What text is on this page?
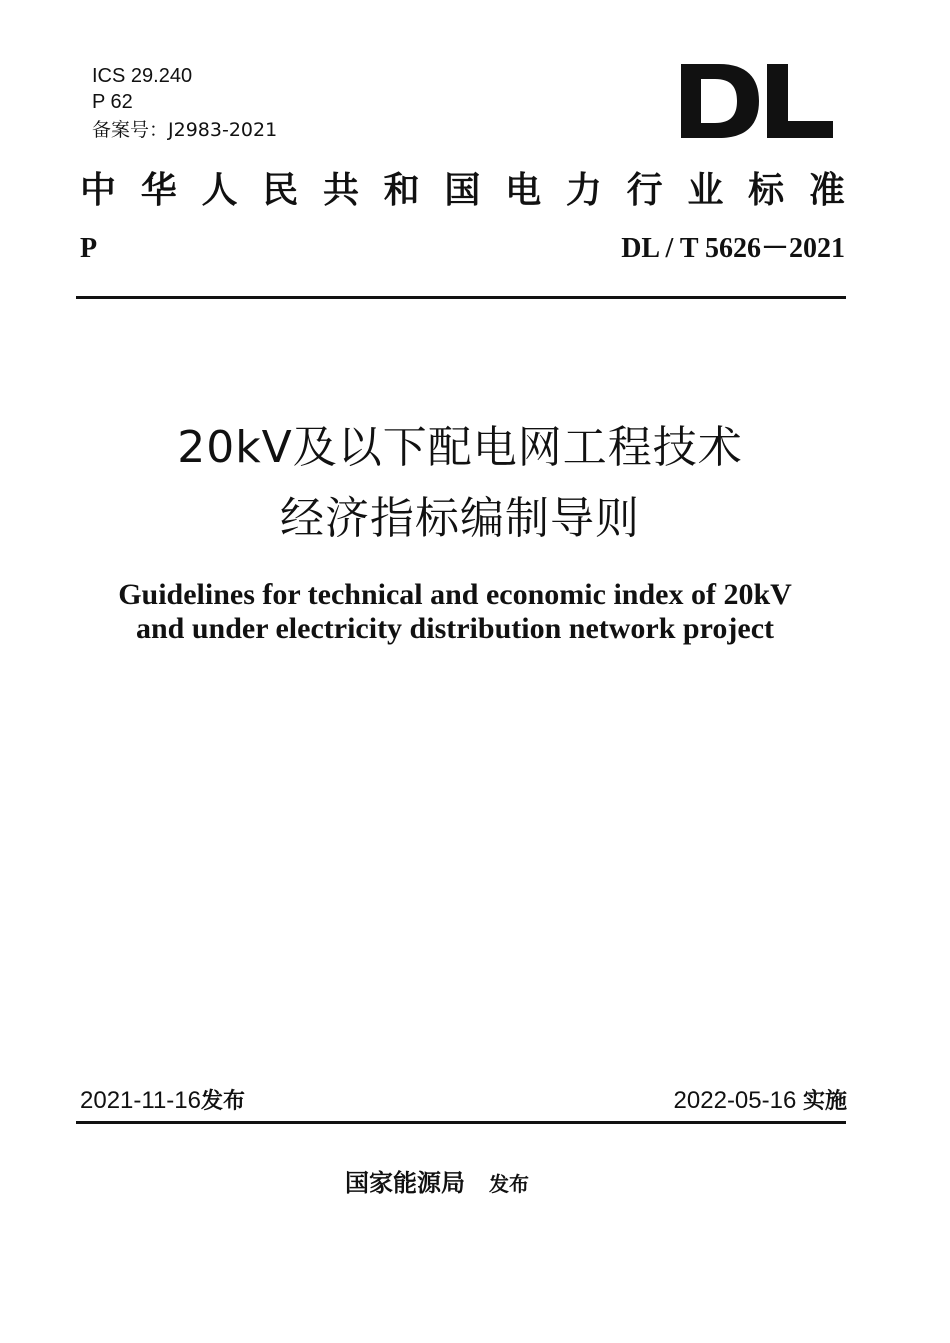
ICS 29.240
P 62
备案号：J2983-2021
中 华 人 民 共 和 国 电 力 行 业 标 准
P	DL / T 5626－2021
20kV及以下配电网工程技术
经济指标编制导则
Guidelines for technical and economic index of 20kV
and under electricity distribution network project
2021-11-16发布	2022-05-16 实施
国家能源局 发布
